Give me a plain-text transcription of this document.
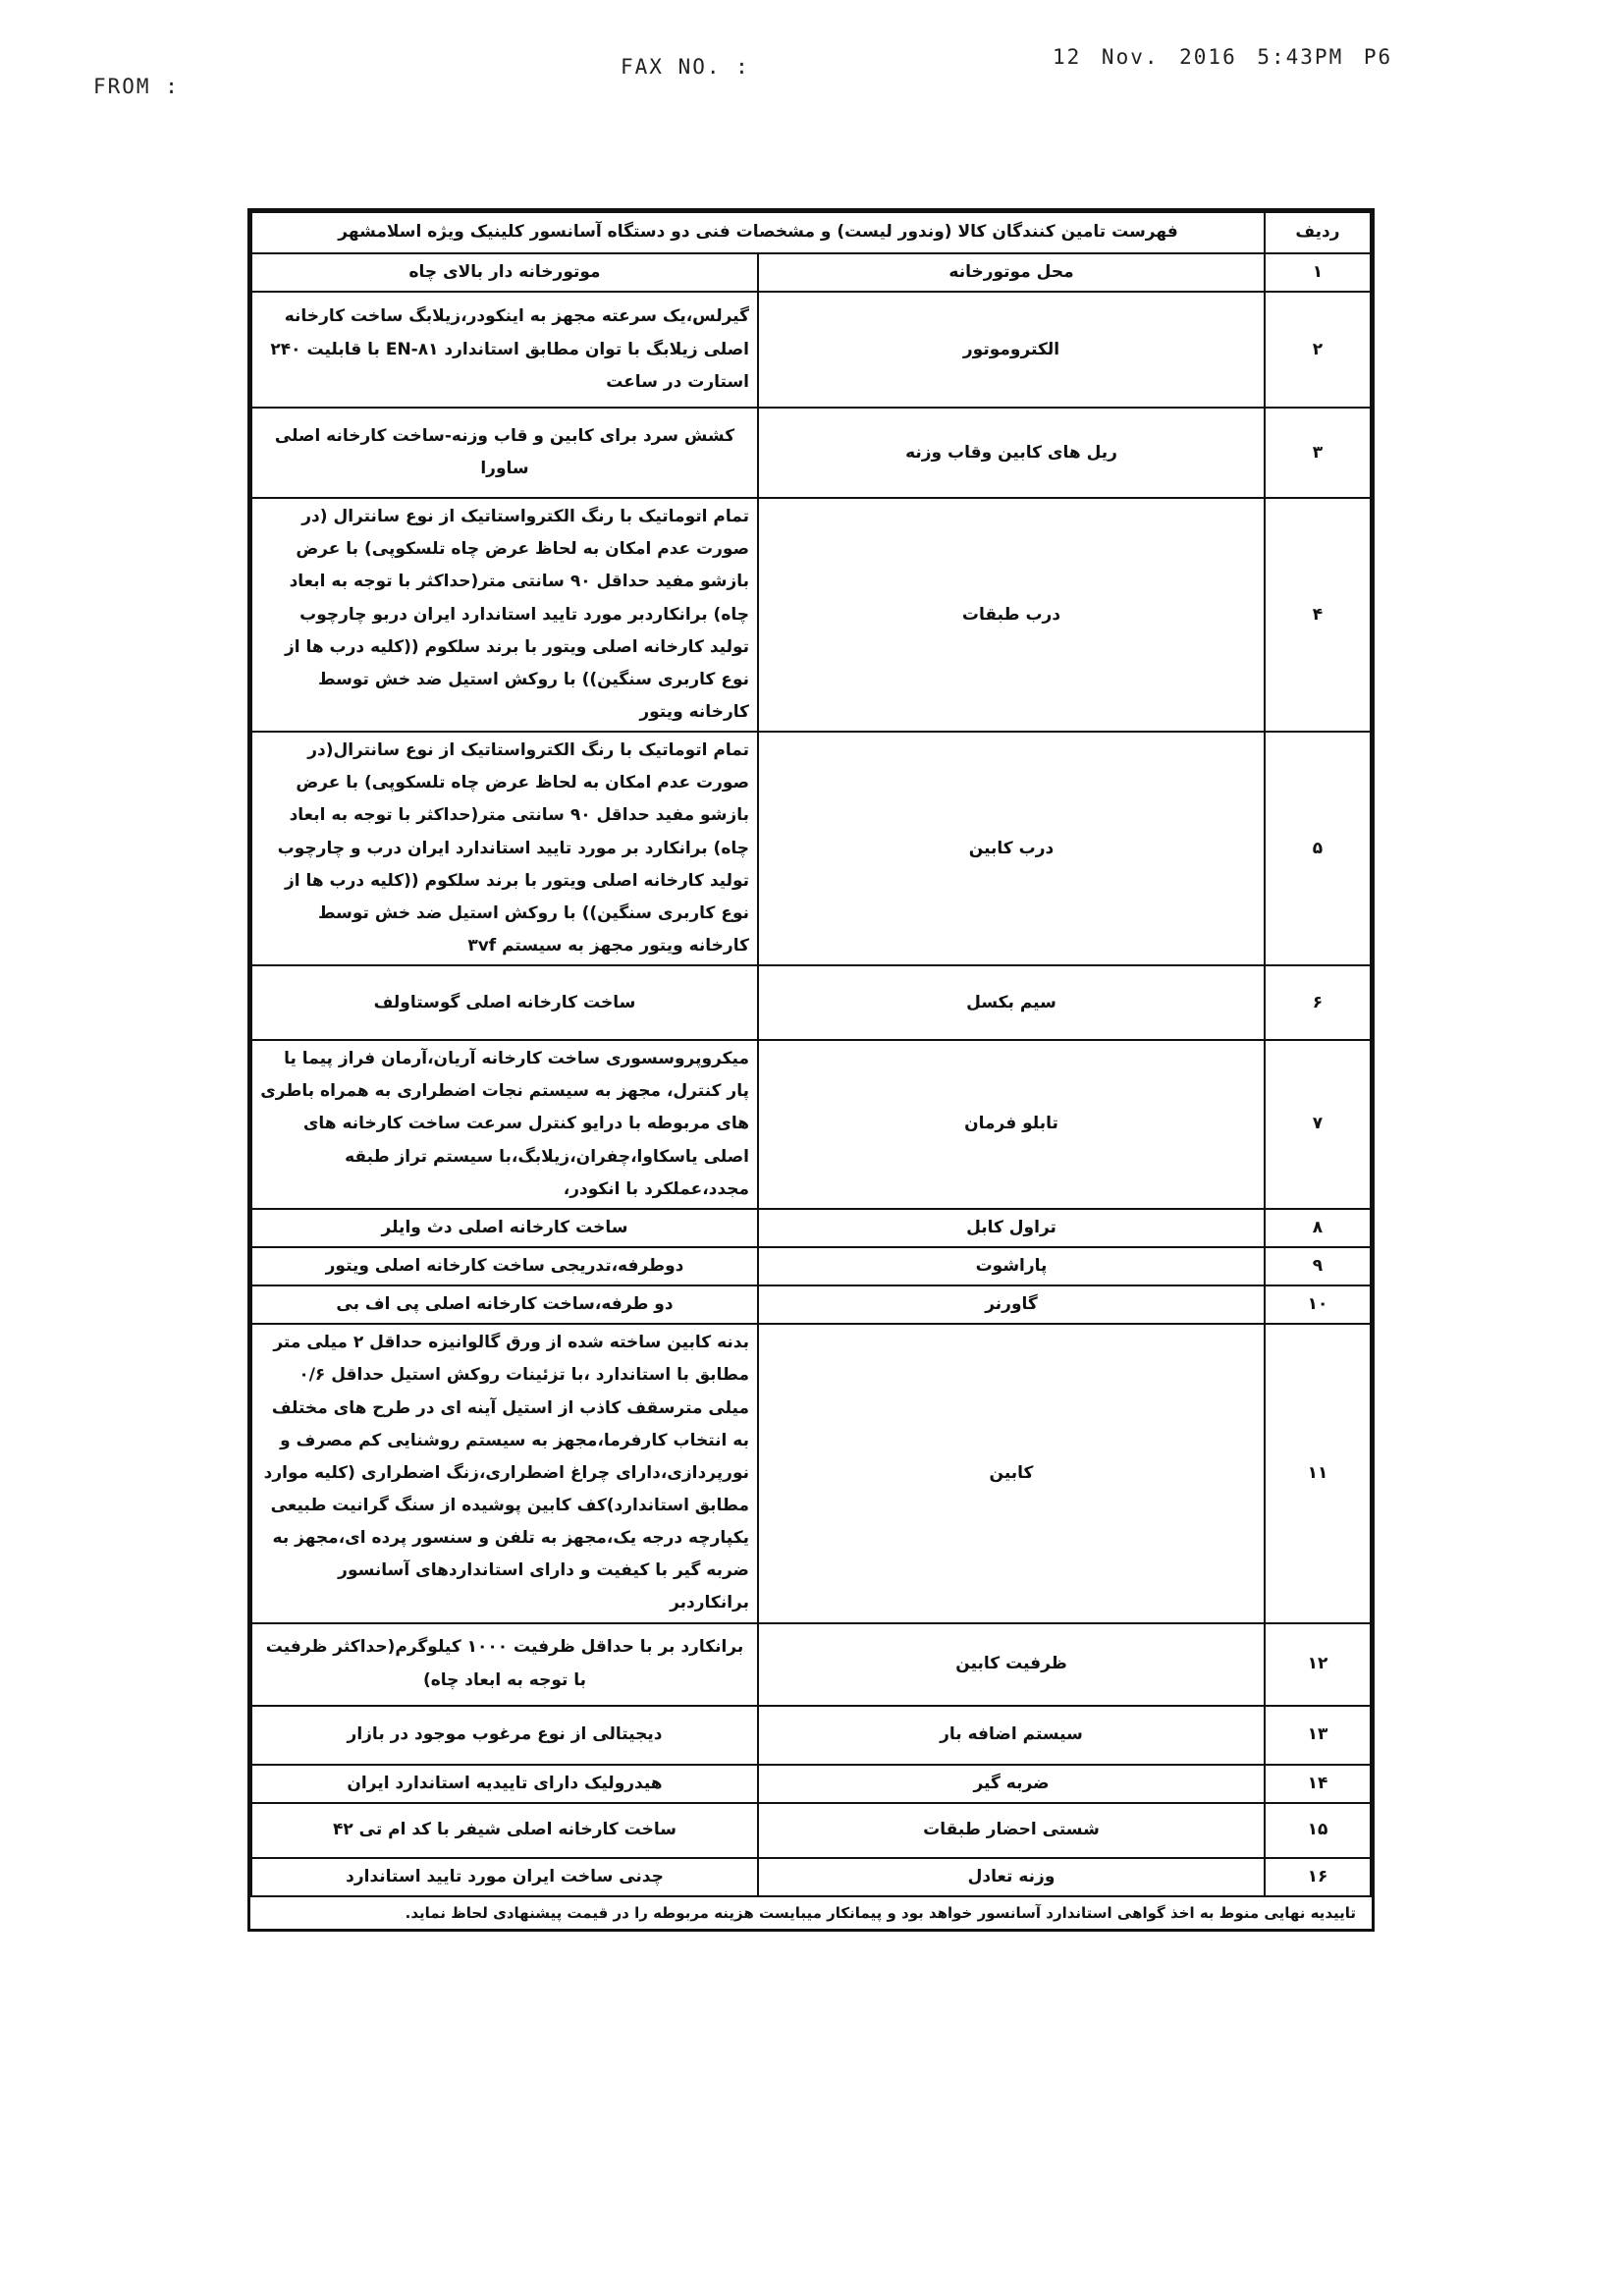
FROM :
FAX NO. :	12 Nov. 2016 5:43PM P6
ردیف	فهرست تامین کنندگان کالا (وندور لیست) و مشخصات فنی دو دستگاه آسانسور کلینیک ویژه اسلامشهر	
۱	محل موتورخانه	موتورخانه دار بالای چاه
۲	الکتروموتور	گیرلس،یک سرعته مجهز به اینکودر،زیلابگ ساخت کارخانه اصلی زیلابگ با توان مطابق استاندارد EN-۸۱ با قابلیت ۲۴۰ استارت در ساعت
۳	ریل های کابین وقاب وزنه	کشش سرد برای کابین و قاب وزنه-ساخت کارخانه اصلی ساورا
۴	درب طبقات	تمام اتوماتیک با رنگ الکترواستاتیک از نوع سانترال (در صورت عدم امکان به لحاظ عرض چاه تلسکوپی) با عرض بازشو مفید حداقل ۹۰ سانتی متر(حداکثر با توجه به ابعاد چاه) برانکاردبر مورد تایید استاندارد ایران دربو چارچوب تولید کارخانه اصلی ویتور با برند سلکوم ((کلیه درب ها از نوع کاربری سنگین)) با روکش استیل ضد خش توسط کارخانه ویتور
۵	درب کابین	تمام اتوماتیک با رنگ الکترواستاتیک از نوع سانترال(در صورت عدم امکان به لحاظ عرض چاه تلسکوپی) با عرض بازشو مفید حداقل ۹۰ سانتی متر(حداکثر با توجه به ابعاد چاه) برانکارد بر مورد تایید استاندارد ایران درب و چارچوب تولید کارخانه اصلی ویتور با برند سلکوم ((کلیه درب ها از نوع کاربری سنگین)) با روکش استیل ضد خش توسط کارخانه ویتور مجهز به سیستم ۳vf
۶	سیم بکسل	ساخت کارخانه اصلی گوستاولف
۷	تابلو فرمان	میکروپروسسوری ساخت کارخانه آریان،آرمان فراز پیما یا پار کنترل، مجهز به سیستم نجات اضطراری به همراه باطری های مربوطه با درایو کنترل سرعت ساخت کارخانه های اصلی یاسکاوا،چفران،زیلابگ،با سیستم تراز طبقه مجدد،عملکرد با انکودر،
۸	تراول کابل	ساخت کارخانه اصلی دث وایلر
۹	پاراشوت	دوطرفه،تدریجی ساخت کارخانه اصلی ویتور
۱۰	گاورنر	دو طرفه،ساخت کارخانه اصلی پی اف بی
۱۱	کابین	بدنه کابین ساخته شده از ورق گالوانیزه حداقل ۲ میلی متر مطابق با استاندارد ،با تزئینات روکش استیل حداقل ۰/۶ میلی مترسقف کاذب از استیل آینه ای در طرح های مختلف به انتخاب کارفرما،مجهز به سیستم روشنایی کم مصرف و نورپردازی،دارای چراغ اضطراری،زنگ اضطراری (کلیه موارد مطابق استاندارد)کف کابین پوشیده از سنگ گرانیت طبیعی یکپارچه درجه یک،مجهز به تلفن و سنسور پرده ای،مجهز به ضربه گیر با کیفیت و دارای استانداردهای آسانسور برانکاردبر
۱۲	ظرفیت کابین	برانکارد بر با حداقل ظرفیت ۱۰۰۰ کیلوگرم(حداکثر ظرفیت با توجه به ابعاد چاه)
۱۳	سیستم اضافه بار	دیجیتالی از نوع مرغوب موجود در بازار
۱۴	ضربه گیر	هیدرولیک دارای تاییدیه استاندارد ایران
۱۵	شستی احضار طبقات	ساخت کارخانه اصلی شیفر با کد ام تی ۴۲
۱۶	وزنه تعادل	چدنی ساخت ایران مورد تایید استاندارد
تاییدیه نهایی منوط به اخذ گواهی استاندارد آسانسور خواهد بود و پیمانکار میبایست هزینه مربوطه را در قیمت پیشنهادی لحاظ نماید.
